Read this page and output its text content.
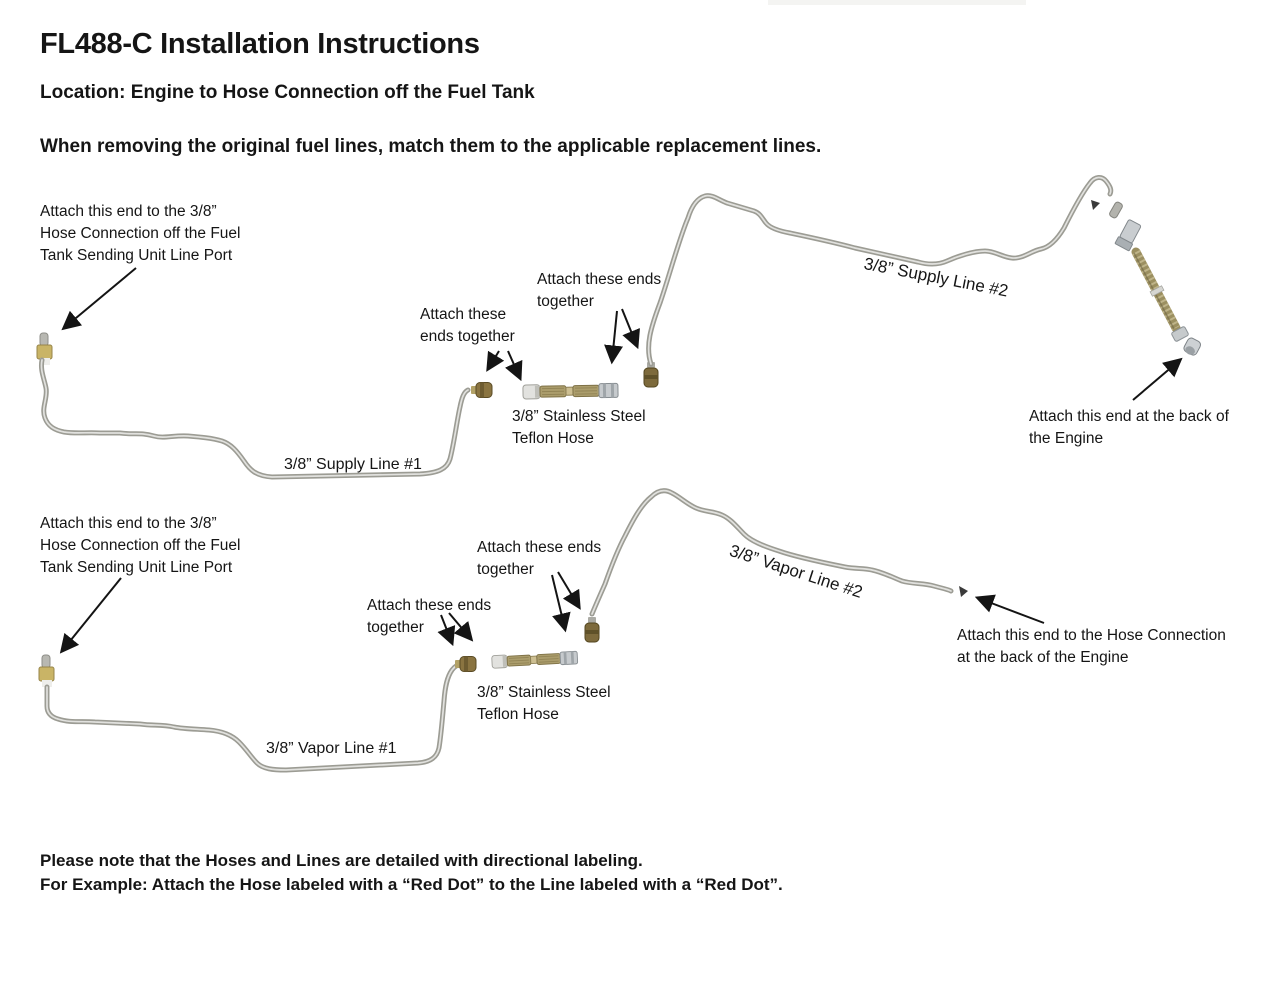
FL488-C Installation Instructions
Location: Engine to Hose Connection off the Fuel Tank
When removing the original fuel lines, match them to the applicable replacement lines.
Attach this end to the 3/8”
Hose Connection off the Fuel
Tank Sending Unit Line Port
Attach these
ends together
Attach these ends
together
3/8” Supply Line #1
3/8” Stainless Steel
Teflon Hose
3/8” Supply Line #2
Attach this end at the back of
the Engine
Attach this end to the 3/8”
Hose Connection off the Fuel
Tank Sending Unit Line Port
Attach these ends
together
Attach these ends
together
3/8” Vapor Line #1
3/8” Stainless Steel
Teflon Hose
3/8” Vapor Line #2
Attach this end to the Hose Connection
at the back of the Engine
Please note that the Hoses and Lines are detailed with directional labeling.
For Example: Attach the Hose labeled with a “Red Dot” to the Line labeled with a “Red Dot”.
